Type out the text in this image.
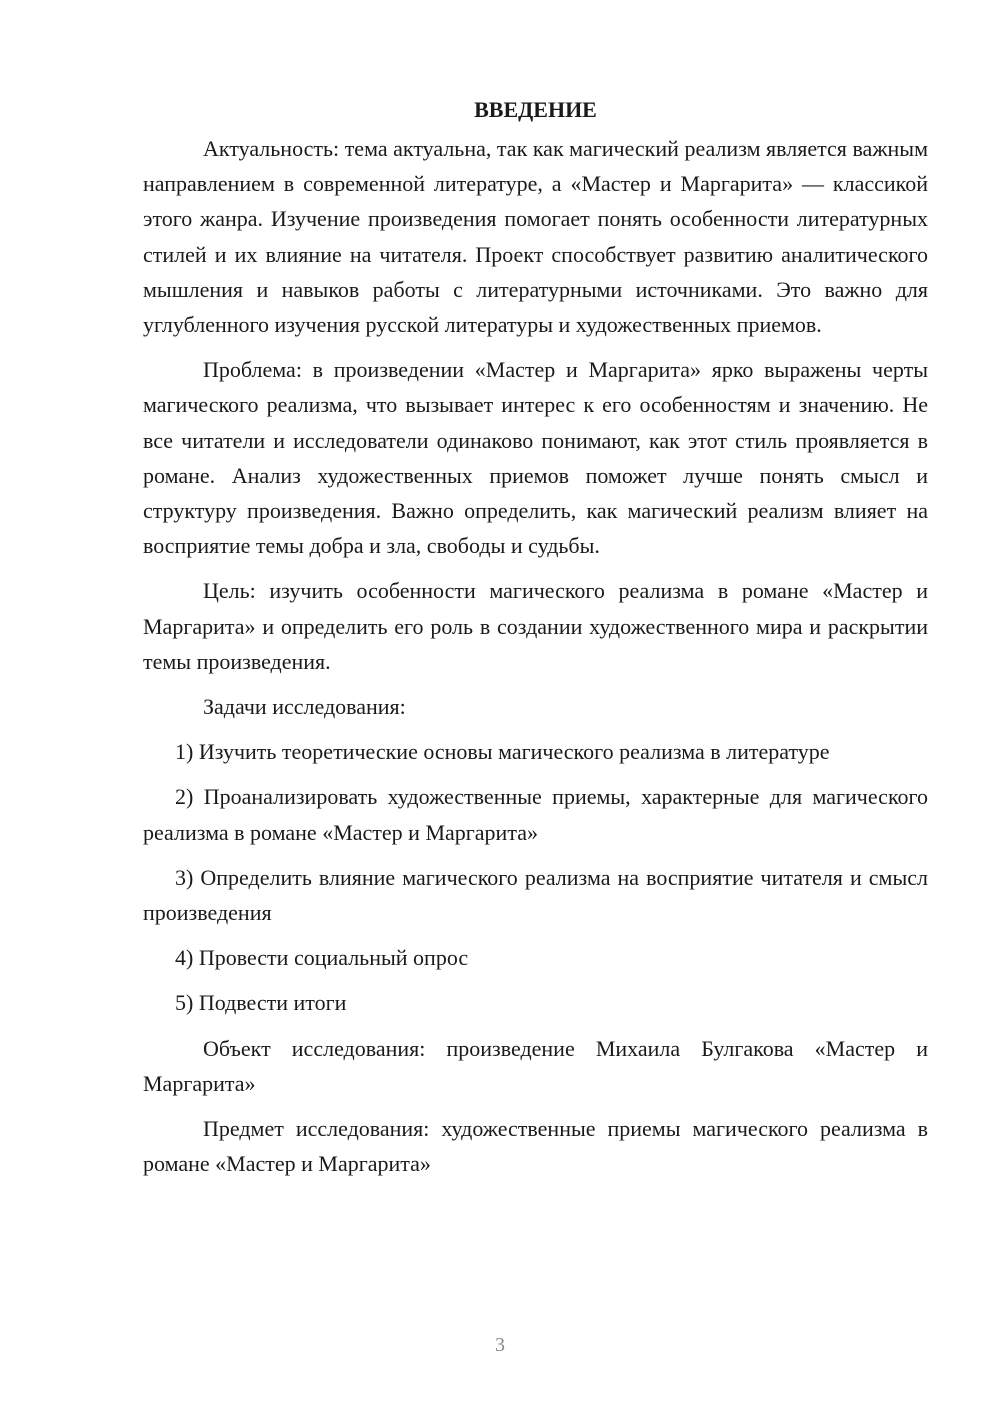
ВВЕДЕНИЕ

Актуальность: тема актуальна, так как магический реализм является важным направлением в современной литературе, а «Мастер и Маргарита» — классикой этого жанра. Изучение произведения помогает понять особенности литературных стилей и их влияние на читателя. Проект способствует развитию аналитического мышления и навыков работы с литературными источниками. Это важно для углубленного изучения русской литературы и художественных приемов.

Проблема: в произведении «Мастер и Маргарита» ярко выражены черты магического реализма, что вызывает интерес к его особенностям и значению. Не все читатели и исследователи одинаково понимают, как этот стиль проявляется в романе. Анализ художественных приемов поможет лучше понять смысл и структуру произведения. Важно определить, как магический реализм влияет на восприятие темы добра и зла, свободы и судьбы.

Цель: изучить особенности магического реализма в романе «Мастер и Маргарита» и определить его роль в создании художественного мира и раскрытии темы произведения.

Задачи исследования:

1) Изучить теоретические основы магического реализма в литературе

2) Проанализировать художественные приемы, характерные для магического реализма в романе «Мастер и Маргарита»

3) Определить влияние магического реализма на восприятие читателя и смысл произведения

4) Провести социальный опрос

5) Подвести итоги

Объект исследования: произведение Михаила Булгакова «Мастер и Маргарита»

Предмет исследования: художественные приемы магического реализма в романе «Мастер и Маргарита»

3
